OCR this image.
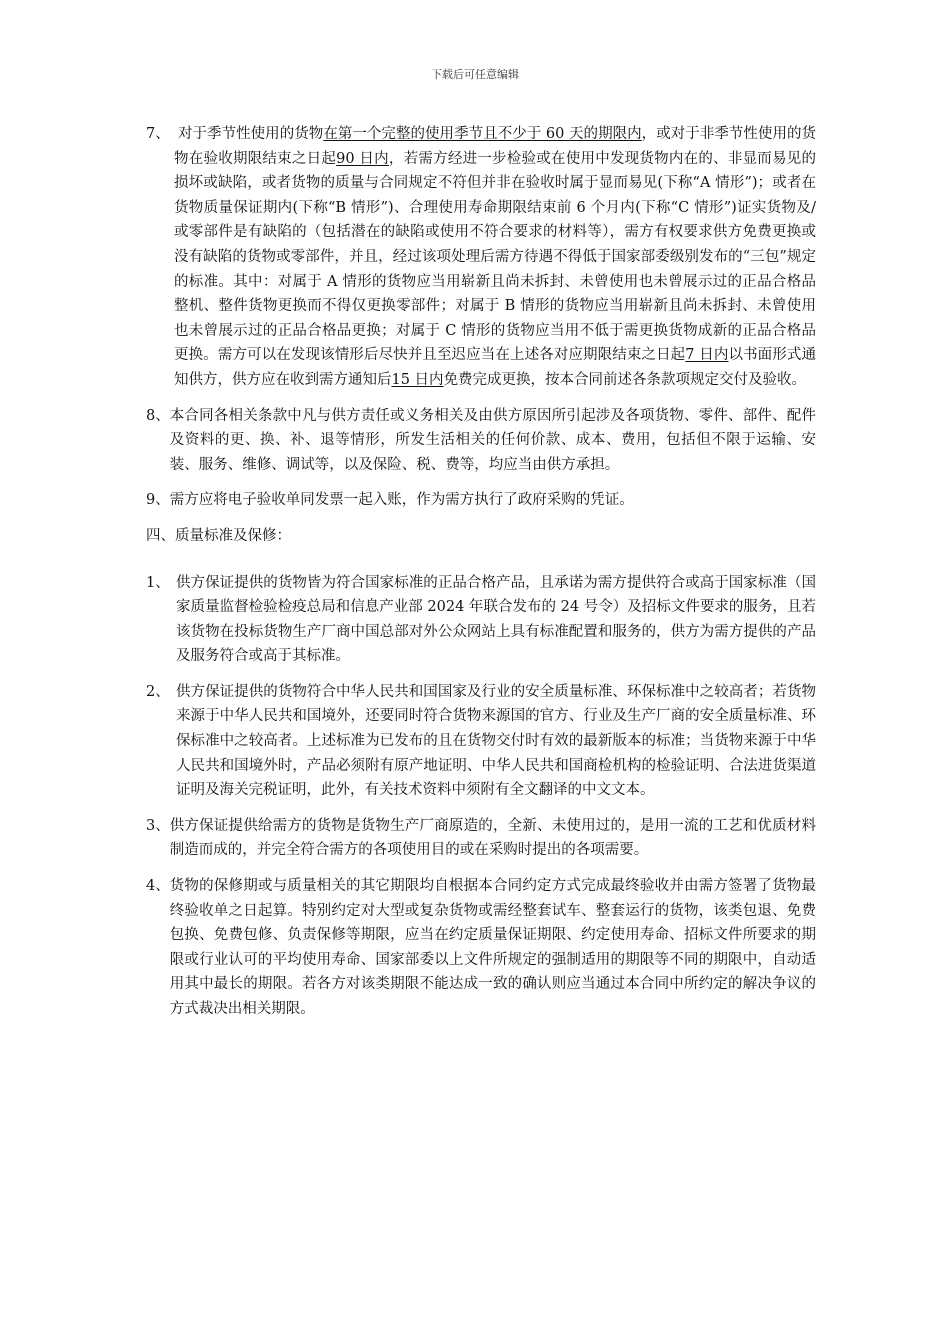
下载后可任意编辑
7、 对于季节性使用的货物在第一个完整的使用季节且不少于 60 天的期限内，或对于非季节性使用的货物在验收期限结束之日起90 日内，若需方经进一步检验或在使用中发现货物内在的、非显而易见的损坏或缺陷，或者货物的质量与合同规定不符但并非在验收时属于显而易见(下称“A 情形”)；或者在货物质量保证期内(下称“B 情形”)、合理使用寿命期限结束前 6 个月内(下称“C 情形”)证实货物及/或零部件是有缺陷的（包括潜在的缺陷或使用不符合要求的材料等），需方有权要求供方免费更换或没有缺陷的货物或零部件，并且，经过该项处理后需方待遇不得低于国家部委级别发布的“三包”规定的标准。其中：对属于 A 情形的货物应当用崭新且尚未拆封、未曾使用也未曾展示过的正品合格品整机、整件货物更换而不得仅更换零部件；对属于 B 情形的货物应当用崭新且尚未拆封、未曾使用也未曾展示过的正品合格品更换；对属于 C 情形的货物应当用不低于需更换货物成新的正品合格品更换。需方可以在发现该情形后尽快并且至迟应当在上述各对应期限结束之日起7 日内以书面形式通知供方，供方应在收到需方通知后15 日内免费完成更换，按本合同前述各条款项规定交付及验收。
8、 本合同各相关条款中凡与供方责任或义务相关及由供方原因所引起涉及各项货物、零件、部件、配件及资料的更、换、补、退等情形，所发生活相关的任何价款、成本、费用，包括但不限于运输、安装、服务、维修、调试等，以及保险、税、费等，均应当由供方承担。
9、 需方应将电子验收单同发票一起入账，作为需方执行了政府采购的凭证。
四、质量标准及保修：
1、 供方保证提供的货物皆为符合国家标准的正品合格产品，且承诺为需方提供符合或高于国家标准（国家质量监督检验检疫总局和信息产业部 2024 年联合发布的 24 号令）及招标文件要求的服务，且若该货物在投标货物生产厂商中国总部对外公众网站上具有标准配置和服务的，供方为需方提供的产品及服务符合或高于其标准。
2、 供方保证提供的货物符合中华人民共和国国家及行业的安全质量标准、环保标准中之较高者；若货物来源于中华人民共和国境外，还要同时符合货物来源国的官方、行业及生产厂商的安全质量标准、环保标准中之较高者。上述标准为已发布的且在货物交付时有效的最新版本的标准；当货物来源于中华人民共和国境外时，产品必须附有原产地证明、中华人民共和国商检机构的检验证明、合法进货渠道证明及海关完税证明，此外，有关技术资料中须附有全文翻译的中文文本。
3、 供方保证提供给需方的货物是货物生产厂商原造的，全新、未使用过的，是用一流的工艺和优质材料制造而成的，并完全符合需方的各项使用目的或在采购时提出的各项需要。
4、 货物的保修期或与质量相关的其它期限均自根据本合同约定方式完成最终验收并由需方签署了货物最终验收单之日起算。特别约定对大型或复杂货物或需经整套试车、整套运行的货物，该类包退、免费包换、免费包修、负责保修等期限，应当在约定质量保证期限、约定使用寿命、招标文件所要求的期限或行业认可的平均使用寿命、国家部委以上文件所规定的强制适用的期限等不同的期限中，自动适用其中最长的期限。若各方对该类期限不能达成一致的确认则应当通过本合同中所约定的解决争议的方式裁决出相关期限。
